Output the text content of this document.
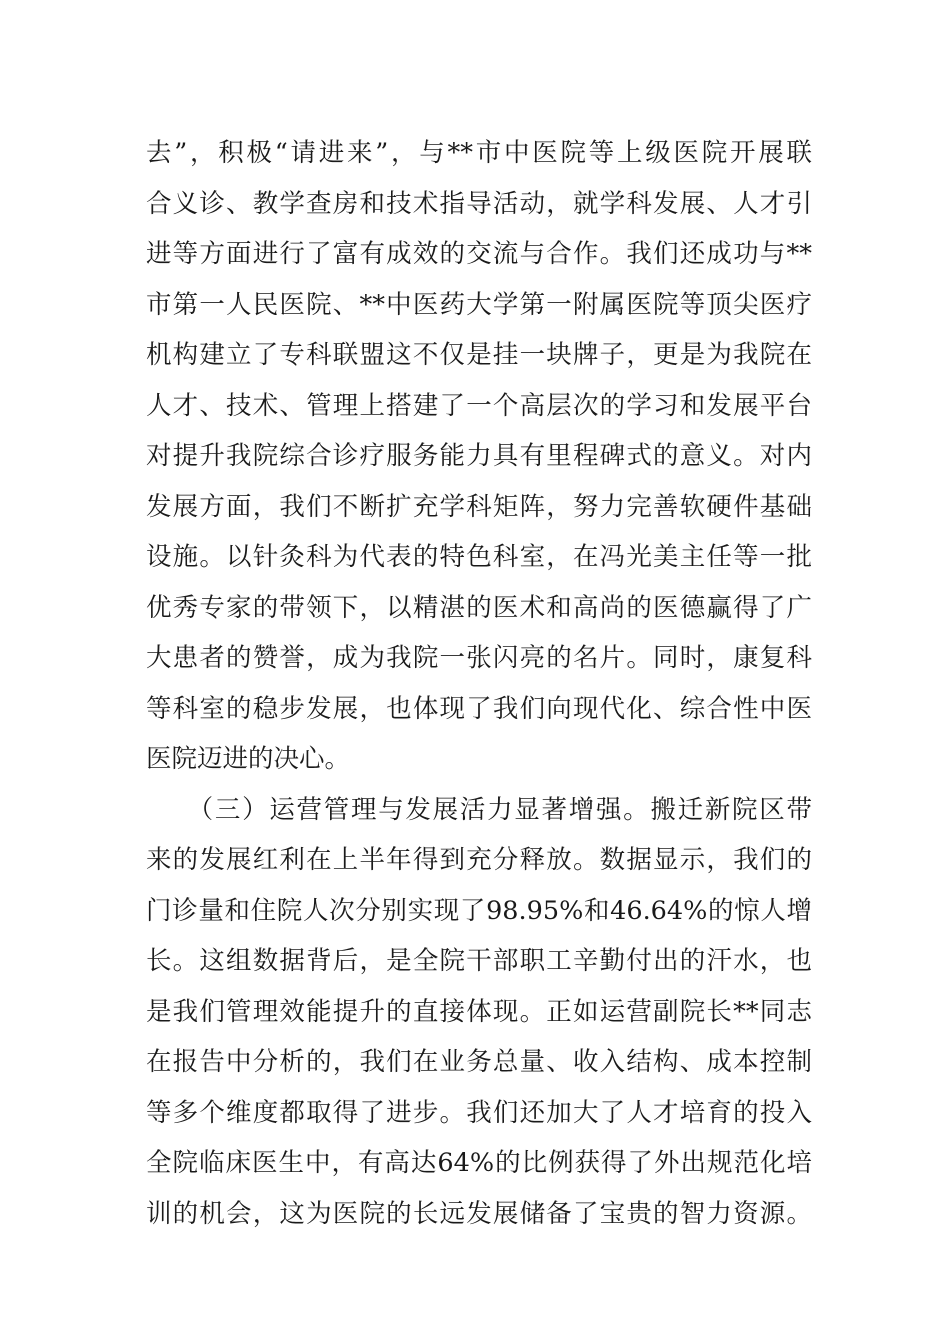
去”，积极“请进来”，与**市中医院等上级医院开展联
合义诊、教学查房和技术指导活动，就学科发展、人才引
进等方面进行了富有成效的交流与合作。我们还成功与**
市第一人民医院、**中医药大学第一附属医院等顶尖医疗
机构建立了专科联盟这不仅是挂一块牌子，更是为我院在
人才、技术、管理上搭建了一个高层次的学习和发展平台
对提升我院综合诊疗服务能力具有里程碑式的意义。对内
发展方面，我们不断扩充学科矩阵，努力完善软硬件基础
设施。以针灸科为代表的特色科室，在冯光美主任等一批
优秀专家的带领下，以精湛的医术和高尚的医德赢得了广
大患者的赞誉，成为我院一张闪亮的名片。同时，康复科
等科室的稳步发展，也体现了我们向现代化、综合性中医
医院迈进的决心。
　　（三）运营管理与发展活力显著增强。搬迁新院区带
来的发展红利在上半年得到充分释放。数据显示，我们的
门诊量和住院人次分别实现了98.95%和46.64%的惊人增
长。这组数据背后，是全院干部职工辛勤付出的汗水，也
是我们管理效能提升的直接体现。正如运营副院长**同志
在报告中分析的，我们在业务总量、收入结构、成本控制
等多个维度都取得了进步。我们还加大了人才培育的投入
全院临床医生中，有高达64%的比例获得了外出规范化培
训的机会，这为医院的长远发展储备了宝贵的智力资源。
